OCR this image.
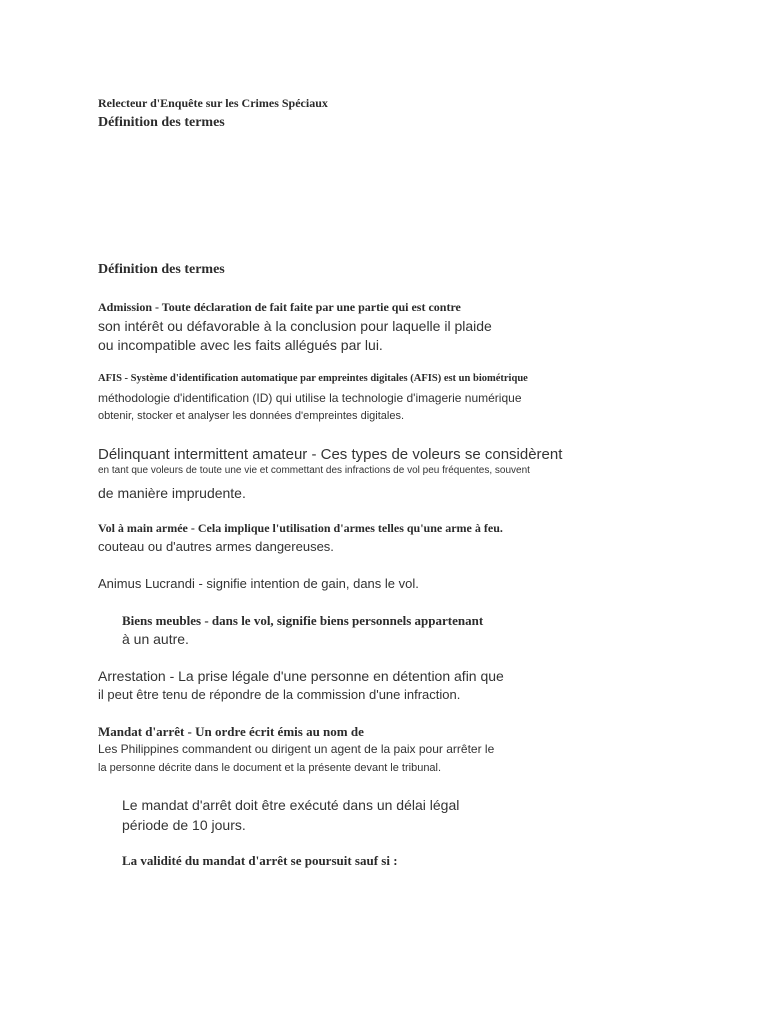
Relecteur d'Enquête sur les Crimes Spéciaux

Définition des termes

Définition des termes

Admission - Toute déclaration de fait faite par une partie qui est contre

son intérêt ou défavorable à la conclusion pour laquelle il plaide

ou incompatible avec les faits allégués par lui.

AFIS - Système d'identification automatique par empreintes digitales (AFIS) est un biométrique

méthodologie d'identification (ID) qui utilise la technologie d'imagerie numérique

obtenir, stocker et analyser les données d'empreintes digitales.

Délinquant intermittent amateur - Ces types de voleurs se considèrent

en tant que voleurs de toute une vie et commettant des infractions de vol peu fréquentes, souvent

de manière imprudente.

Vol à main armée - Cela implique l'utilisation d'armes telles qu'une arme à feu.

couteau ou d'autres armes dangereuses.

Animus Lucrandi - signifie intention de gain, dans le vol.

Biens meubles - dans le vol, signifie biens personnels appartenant

à un autre.

Arrestation - La prise légale d'une personne en détention afin que

il peut être tenu de répondre de la commission d'une infraction.

Mandat d'arrêt - Un ordre écrit émis au nom de

Les Philippines commandent ou dirigent un agent de la paix pour arrêter le

la personne décrite dans le document et la présente devant le tribunal.

Le mandat d'arrêt doit être exécuté dans un délai légal

période de 10 jours.

La validité du mandat d'arrêt se poursuit sauf si :
